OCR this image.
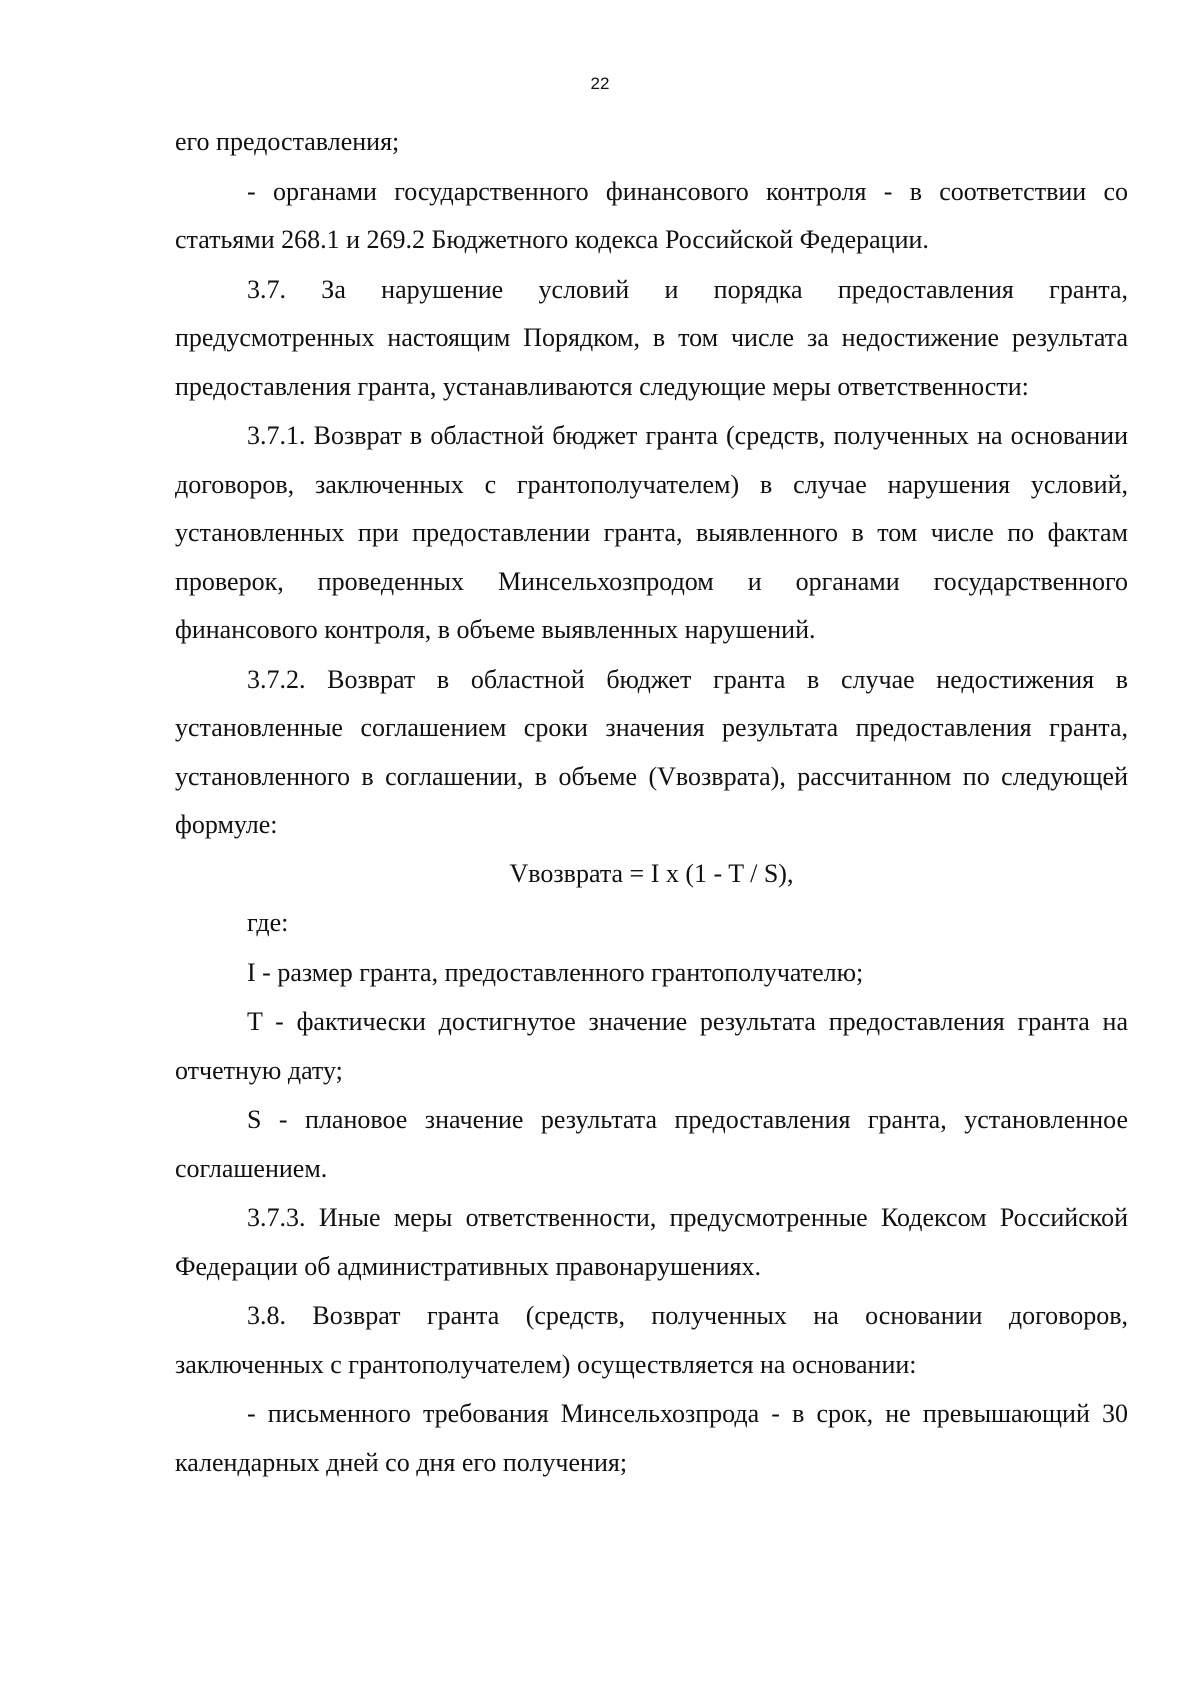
22

его предоставления;

- органами государственного финансового контроля - в соответствии со статьями 268.1 и 269.2 Бюджетного кодекса Российской Федерации.

3.7. За нарушение условий и порядка предоставления гранта, предусмотренных настоящим Порядком, в том числе за недостижение результата предоставления гранта, устанавливаются следующие меры ответственности:

3.7.1. Возврат в областной бюджет гранта (средств, полученных на основании договоров, заключенных с грантополучателем) в случае нарушения условий, установленных при предоставлении гранта, выявленного в том числе по фактам проверок, проведенных Минсельхозпродом и органами государственного финансового контроля, в объеме выявленных нарушений.

3.7.2. Возврат в областной бюджет гранта в случае недостижения в установленные соглашением сроки значения результата предоставления гранта, установленного в соглашении, в объеме (Vвозврата), рассчитанном по следующей формуле:

Vвозврата = I x (1 - T / S),

где:

I - размер гранта, предоставленного грантополучателю;

T - фактически достигнутое значение результата предоставления гранта на отчетную дату;

S - плановое значение результата предоставления гранта, установленное соглашением.

3.7.3. Иные меры ответственности, предусмотренные Кодексом Российской Федерации об административных правонарушениях.

3.8. Возврат гранта (средств, полученных на основании договоров, заключенных с грантополучателем) осуществляется на основании:

- письменного требования Минсельхозпрода - в срок, не превышающий 30 календарных дней со дня его получения;
